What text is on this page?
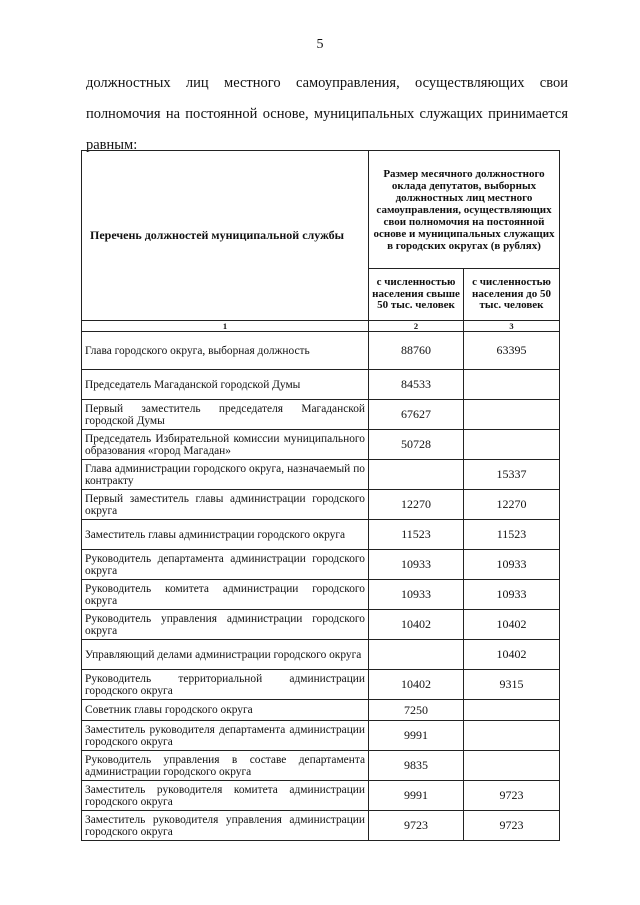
5

должностных лиц местного самоуправления, осуществляющих свои полномочия на постоянной основе, муниципальных служащих принимается равным:

Перечень должностей муниципальной службы	Размер месячного должностного оклада депутатов, выборных должностных лиц местного самоуправления, осуществляющих свои полномочия на постоянной основе и муниципальных служащих в городских округах (в рублях)	
	с численностью населения свыше 50 тыс. человек	с численностью населения до 50 тыс. человек
1	2	3
Глава городского округа, выборная должность	88760	63395
Председатель Магаданской городской Думы	84533	
Первый заместитель председателя Магаданской городской Думы	67627	
Председатель Избирательной комиссии муниципального образования «город Магадан»	50728	
Глава администрации городского округа, назначаемый по контракту		15337
Первый заместитель главы администрации городского округа	12270	12270
Заместитель главы администрации городского округа	11523	11523
Руководитель департамента администрации городского округа	10933	10933
Руководитель комитета администрации городского округа	10933	10933
Руководитель управления администрации городского округа	10402	10402
Управляющий делами администрации городского округа		10402
Руководитель территориальной администрации городского округа	10402	9315
Советник главы городского округа	7250	
Заместитель руководителя департамента администрации городского округа	9991	
Руководитель управления в составе департамента администрации городского округа	9835	
Заместитель руководителя комитета администрации городского округа	9991	9723
Заместитель руководителя управления администрации городского округа	9723	9723
